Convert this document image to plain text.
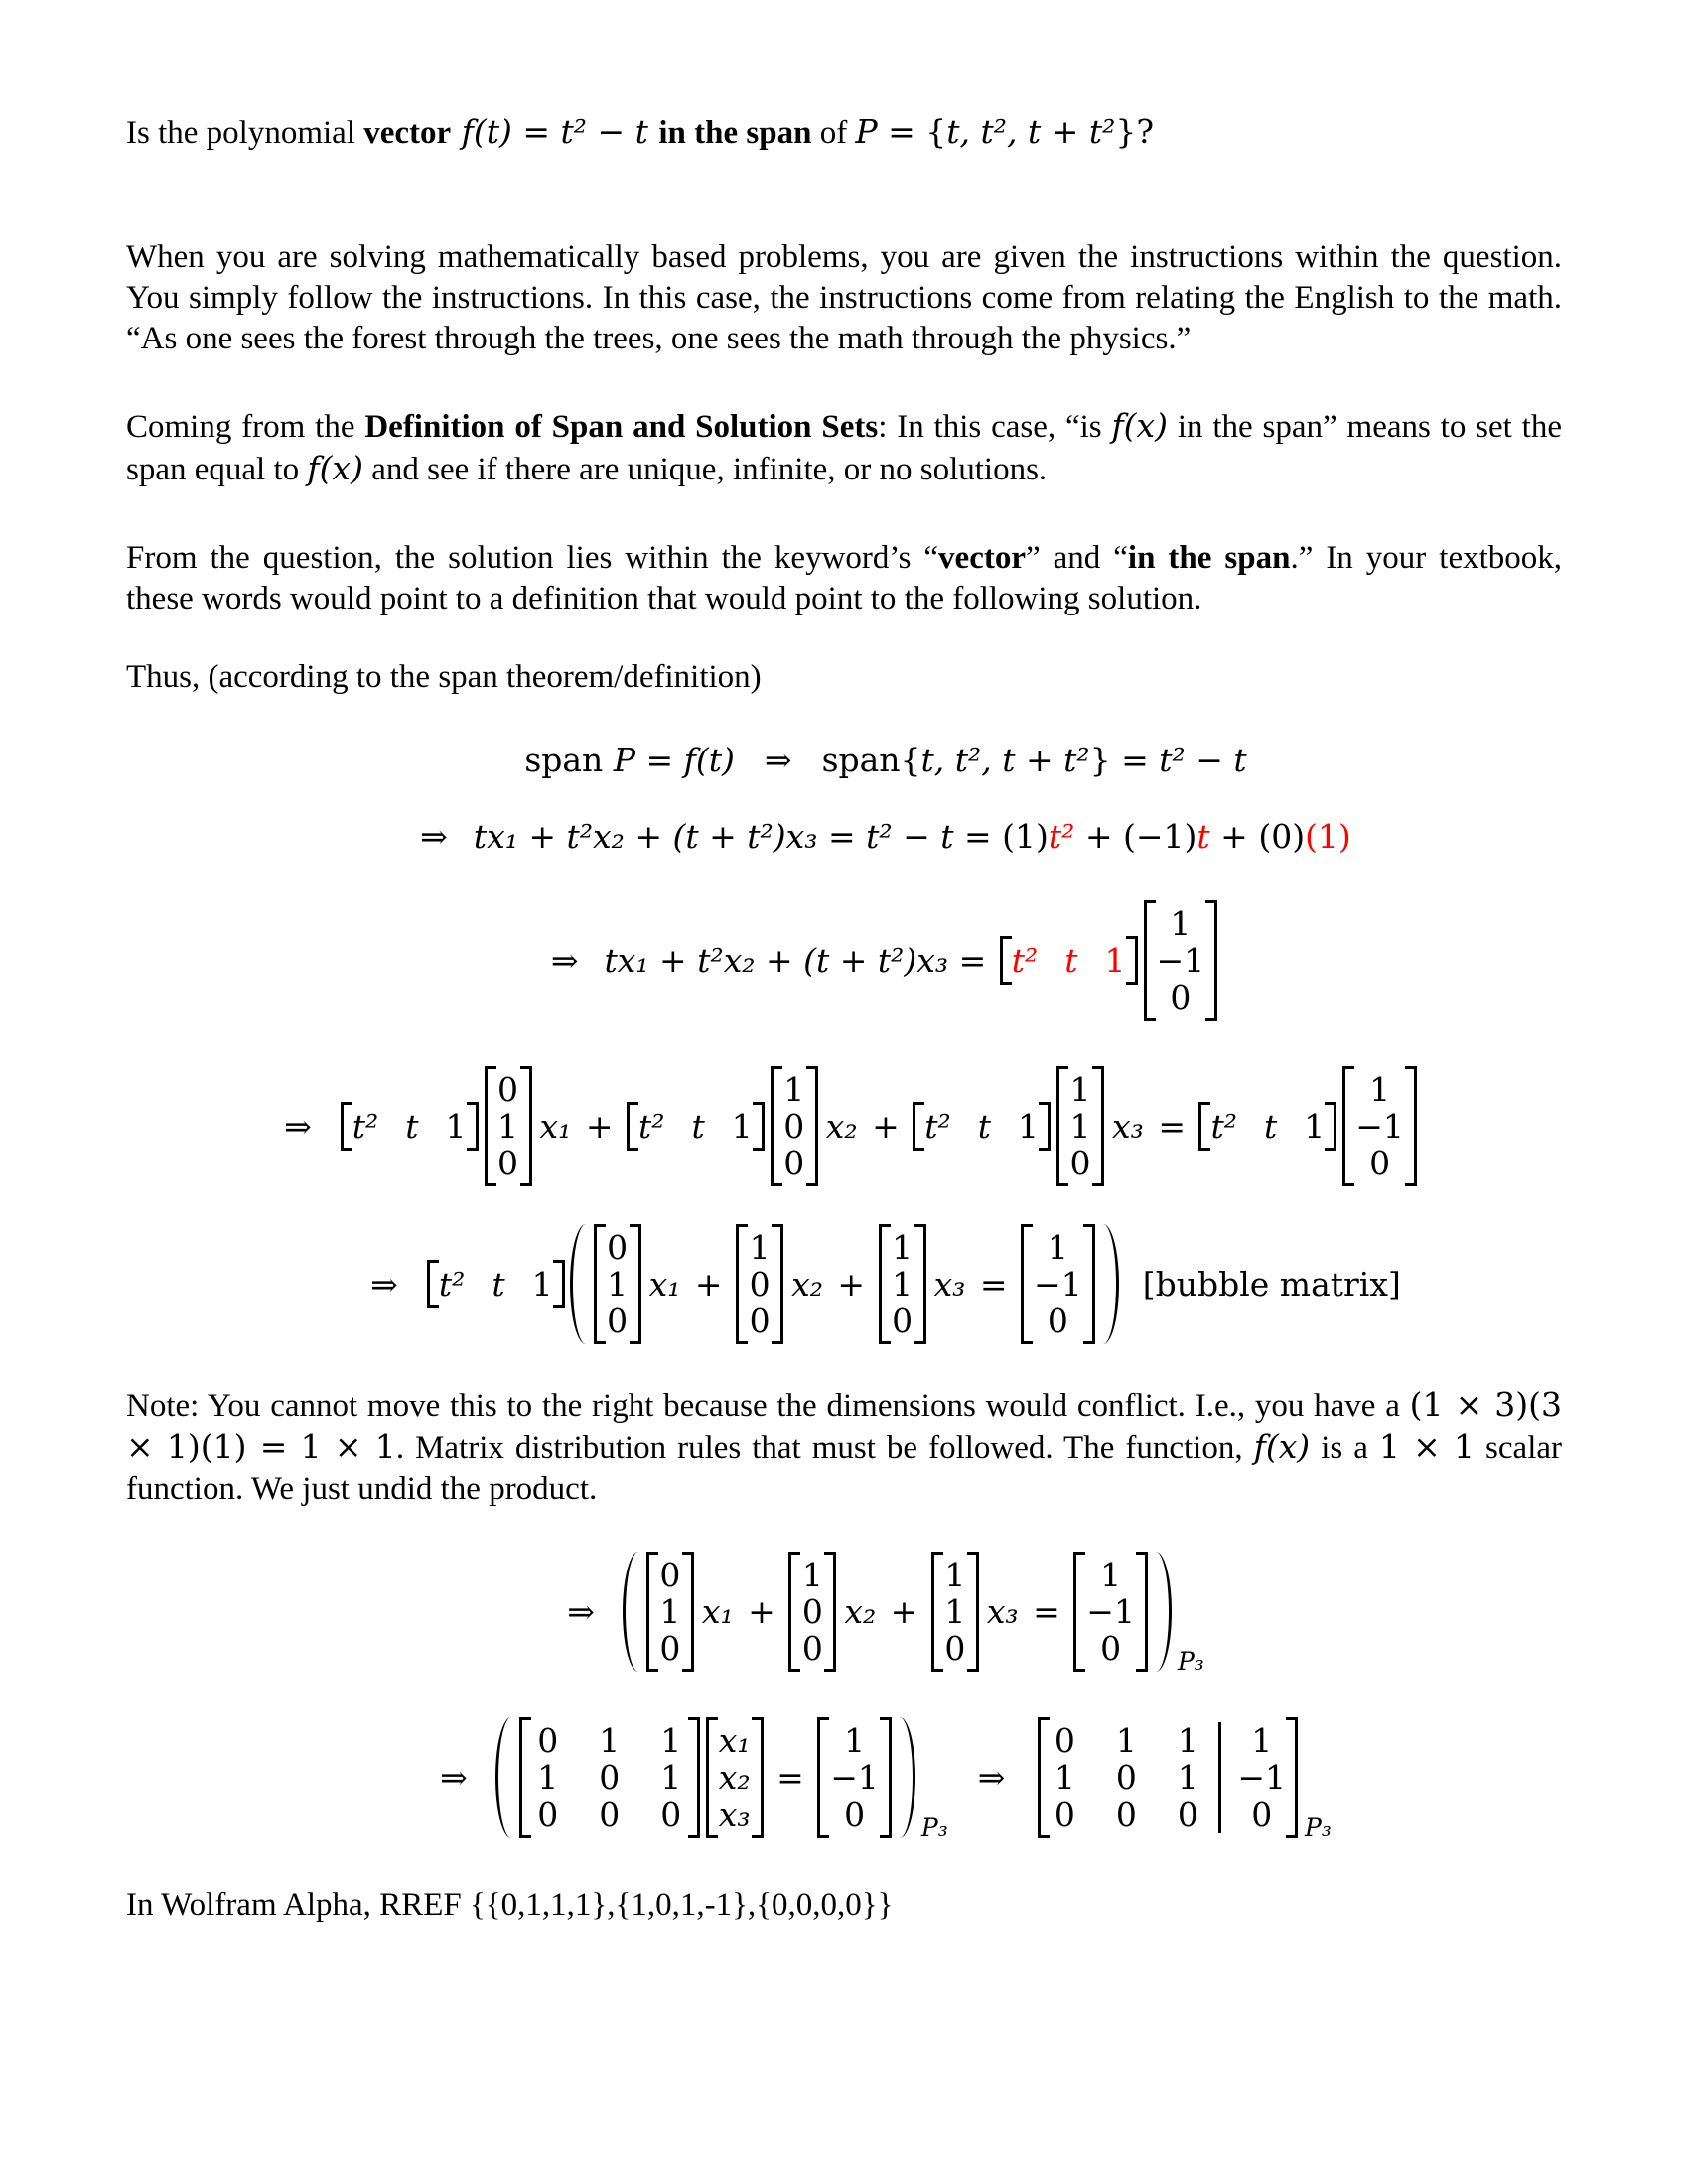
Is the polynomial vector f(t) = t² − t in the span of P = {t, t², t + t²}?

When you are solving mathematically based problems, you are given the instructions within the question. You simply follow the instructions. In this case, the instructions come from relating the English to the math. “As one sees the forest through the trees, one sees the math through the physics.”

Coming from the Definition of Span and Solution Sets: In this case, “is f(x) in the span” means to set the span equal to f(x) and see if there are unique, infinite, or no solutions.

From the question, the solution lies within the keyword’s “vector” and “in the span.” In your textbook, these words would point to a definition that would point to the following solution.

Thus, (according to the span theorem/definition)

span P = f(t) ⇒ span{ t, t², t + t² } = t² − t
⇒ tx₁ + t²x₂ + (t + t²)x₃ = t² − t = (1) t² + (−1) t + (0) (1)
⇒ tx₁ + t²x₂ + (t + t²)x₃ = t² t 1
1
−1
0
⇒ t² t 1
0
1
0
x₁ + t² t 1
1
0
0
x₂ + t² t 1
1
1
0
x₃ = t² t 1
1
−1
0
⇒ t² t 1
0
1
0
x₁ +
1
0
0
x₂ +
1
1
0
x₃ =
1
−1
0
[bubble matrix]

Note: You cannot move this to the right because the dimensions would conflict. I.e., you have a (1 × 3)(3 × 1)(1) = 1 × 1. Matrix distribution rules that must be followed. The function, f(x) is a 1 × 1 scalar function. We just undid the product.

⇒
0
1
0
x₁ +
1
0
0
x₂ +
1
1
0
x₃ =
1
−1
0 P₃
⇒
0 1 1
1 0 1
0 0 0
x₁
x₂
x₃
=
1
−1
0 P₃
⇒
0 1 1
1 0 1
0 0 0
1
−1
0 P₃

In Wolfram Alpha, RREF {{0,1,1,1},{1,0,1,-1},{0,0,0,0}}
